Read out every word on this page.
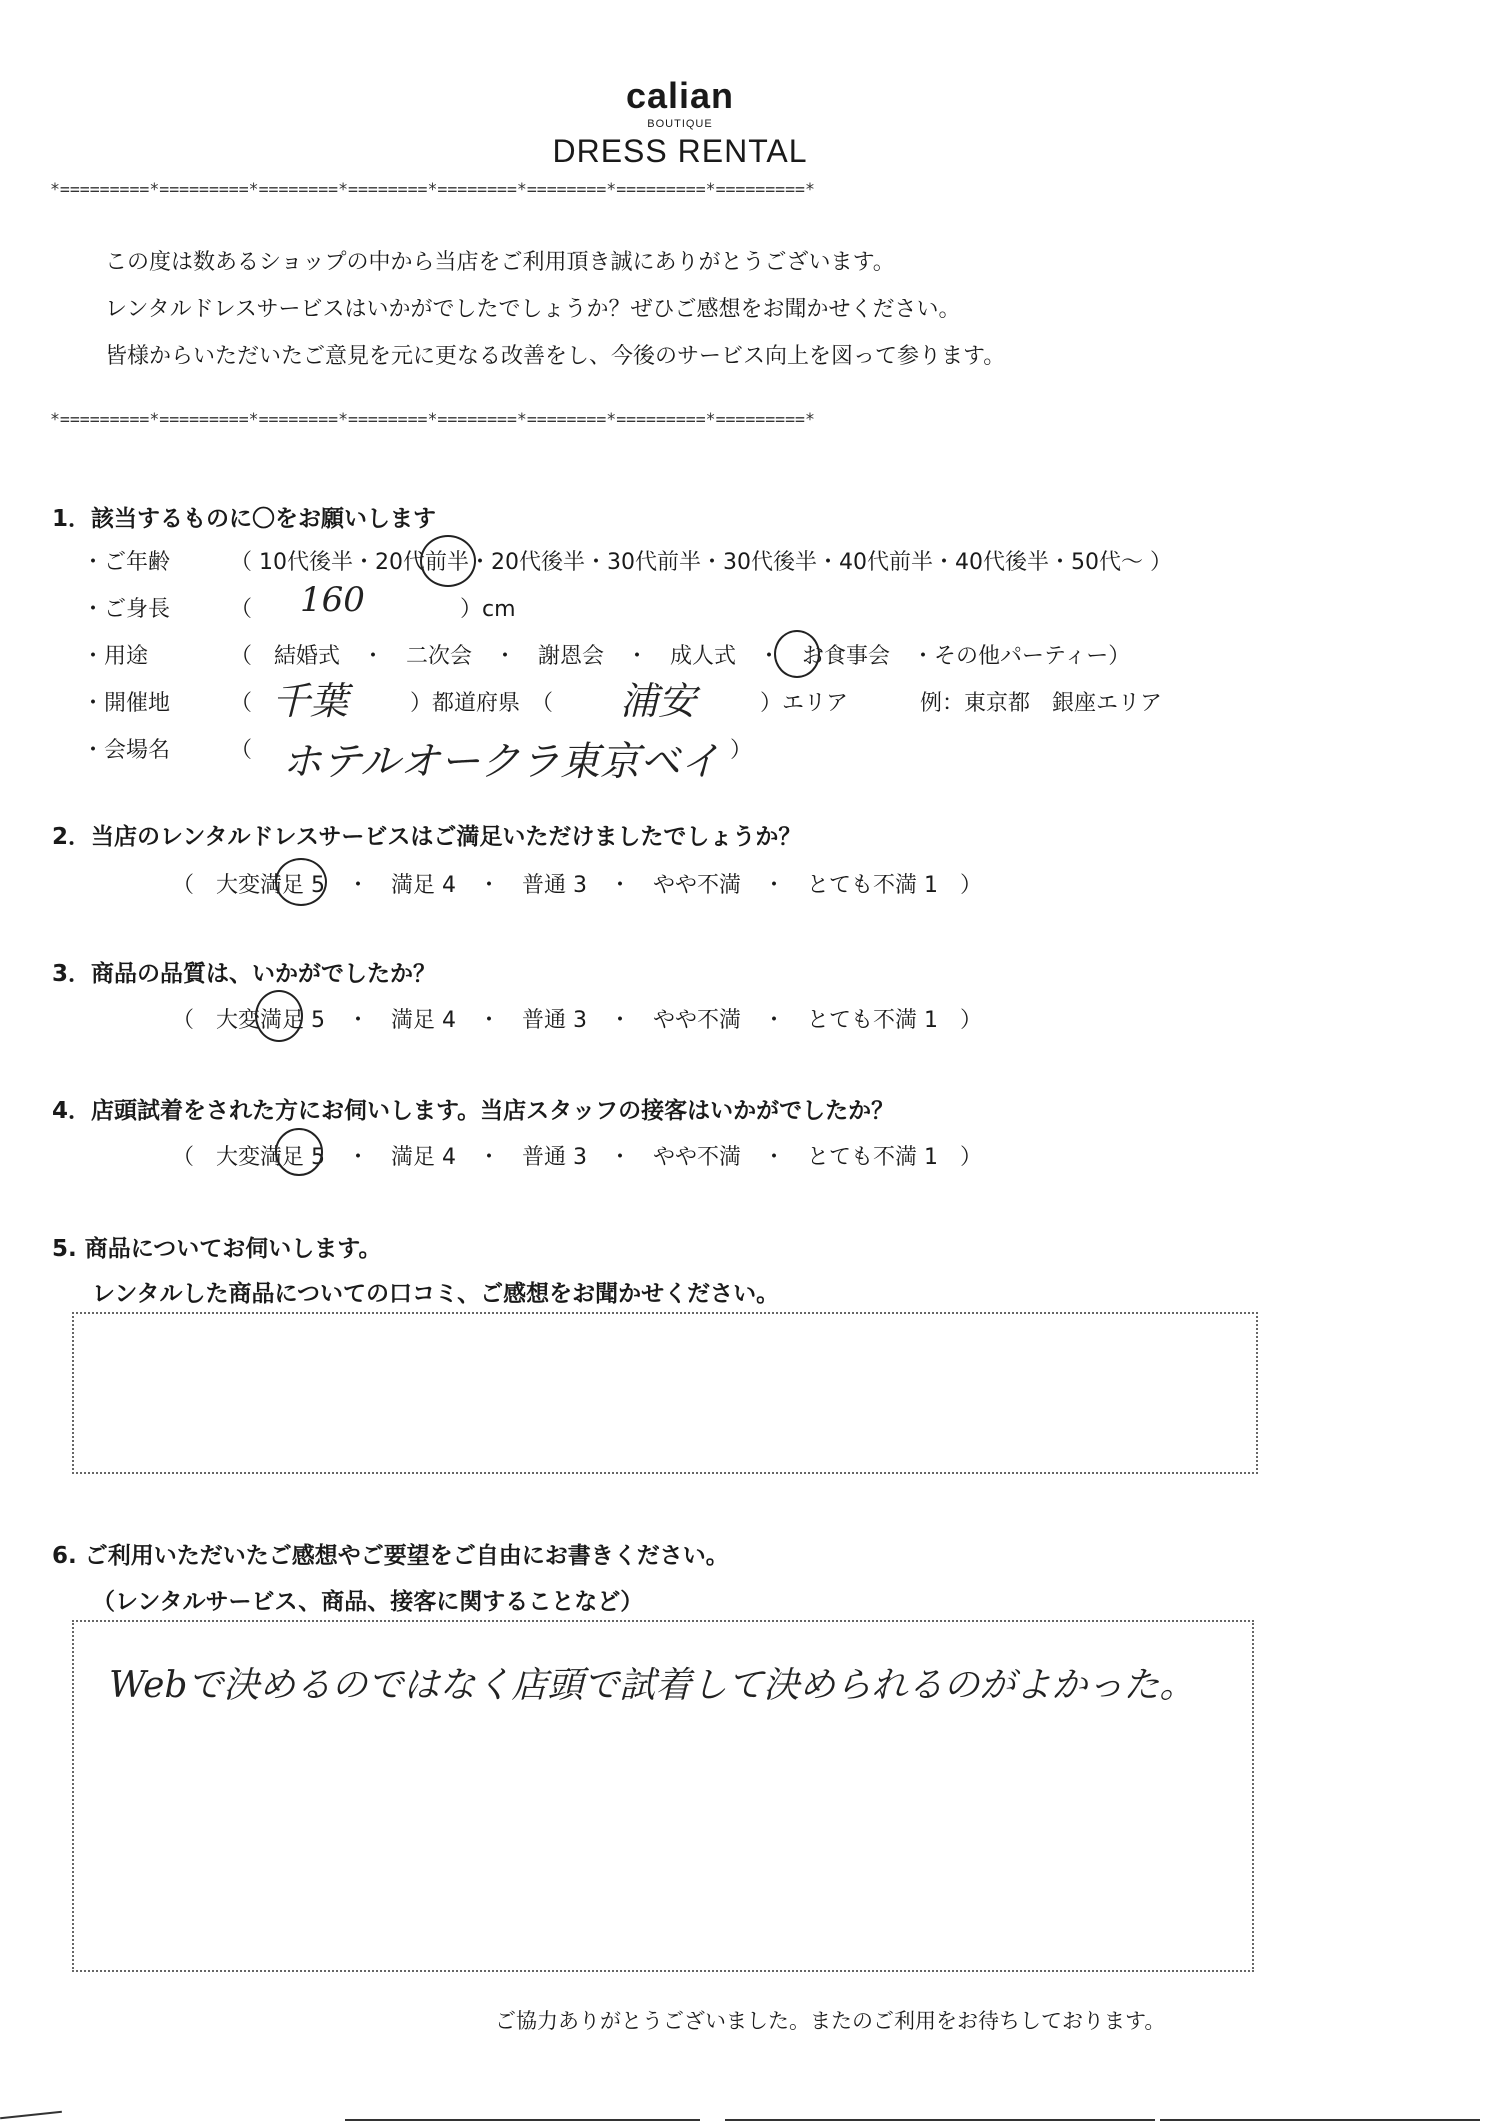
calian
BOUTIQUE
DRESS RENTAL
*=========*=========*========*========*========*========*=========*=========*
この度は数あるショップの中から当店をご利用頂き誠にありがとうございます。
レンタルドレスサービスはいかがでしたでしょうか？ぜひご感想をお聞かせください。
皆様からいただいたご意見を元に更なる改善をし、今後のサービス向上を図って参ります。
*=========*=========*========*========*========*========*=========*=========*
1．該当するものに〇をお願いします
・ご年齢	（ 10代後半・20代前半・20代後半・30代前半・30代後半・40代前半・40代後半・50代～ ）
・ご身長	（ 160	）cm
・用途	（　結婚式　・　二次会　・　謝恩会　・　成人式　・　お食事会　・その他パーティー）
・開催地	（ 千葉	）都道府県　（ 浦安	）エリア	例：東京都　銀座エリア
・会場名	（ ホテルオークラ東京ベイ ）
2．当店のレンタルドレスサービスはご満足いただけましたでしょうか？
（　大変満足 5　・　満足 4　・　普通 3　・　やや不満　・　とても不満 1　）
3．商品の品質は、いかがでしたか？
（　大変満足 5　・　満足 4　・　普通 3　・　やや不満　・　とても不満 1　）
4．店頭試着をされた方にお伺いします。当店スタッフの接客はいかがでしたか？
（　大変満足 5　・　満足 4　・　普通 3　・　やや不満　・　とても不満 1　）
5. 商品についてお伺いします。
レンタルした商品についての口コミ、ご感想をお聞かせください。
6. ご利用いただいたご感想やご要望をご自由にお書きください。
（レンタルサービス、商品、接客に関することなど）
Webで決めるのではなく店頭で試着して決められるのがよかった。
ご協力ありがとうございました。またのご利用をお待ちしております。
